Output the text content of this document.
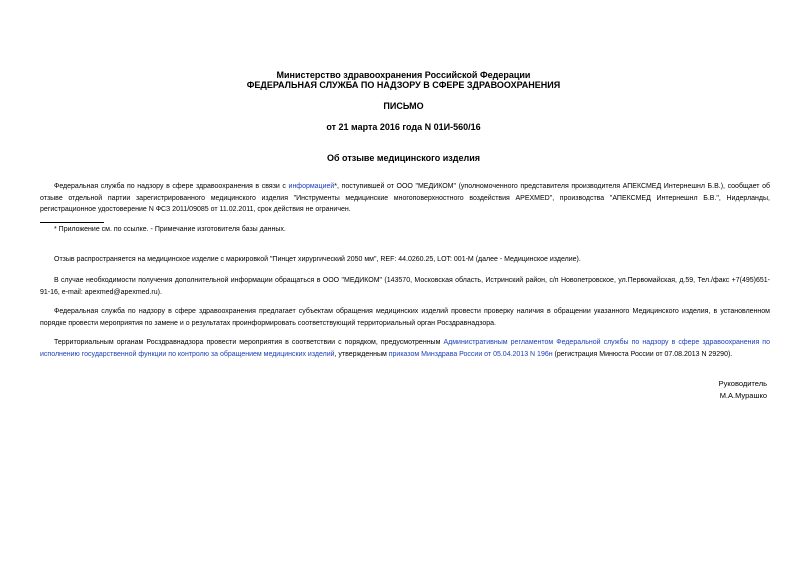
Министерство здравоохранения Российской Федерации
ФЕДЕРАЛЬНАЯ СЛУЖБА ПО НАДЗОРУ В СФЕРЕ ЗДРАВООХРАНЕНИЯ
ПИСЬМО
от 21 марта 2016 года N 01И-560/16
Об отзыве медицинского изделия
Федеральная служба по надзору в сфере здравоохранения в связи с информацией*, поступившей от ООО "МЕДИКОМ" (уполномоченного представителя производителя АПЕКСМЕД Интернешнл Б.В.), сообщает об отзыве отдельной партии зарегистрированного медицинского изделия "Инструменты медицинские многоповерхностного воздействия APEXMED", производства "АПЕКСМЕД Интернешнл Б.В.", Нидерланды, регистрационное удостоверение N ФСЗ 2011/09085 от 11.02.2011, срок действия не ограничен.
* Приложение см. по ссылке. - Примечание изготовителя базы данных.
Отзыв распространяется на медицинское изделие с маркировкой "Пинцет хирургический 2050 мм", REF: 44.0260.25, LOT: 001-M (далее - Медицинское изделие).
В случае необходимости получения дополнительной информации обращаться в ООО "МЕДИКОМ" (143570, Московская область, Истринский район, с/п Новопетровское, ул.Первомайская, д.59, Тел./факс +7(495)651-91-16, e-mail: apexmed@apexmed.ru).
Федеральная служба по надзору в сфере здравоохранения предлагает субъектам обращения медицинских изделий провести проверку наличия в обращении указанного Медицинского изделия, в установленном порядке провести мероприятия по замене и о результатах проинформировать соответствующий территориальный орган Росздравнадзора.
Территориальным органам Росздравнадзора провести мероприятия в соответствии с порядком, предусмотренным Административным регламентом Федеральной службы по надзору в сфере здравоохранения по исполнению государственной функции по контролю за обращением медицинских изделий, утвержденным приказом Минздрава России от 05.04.2013 N 196н (регистрация Минюста России от 07.08.2013 N 29290).
Руководитель
М.А.Мурашко
